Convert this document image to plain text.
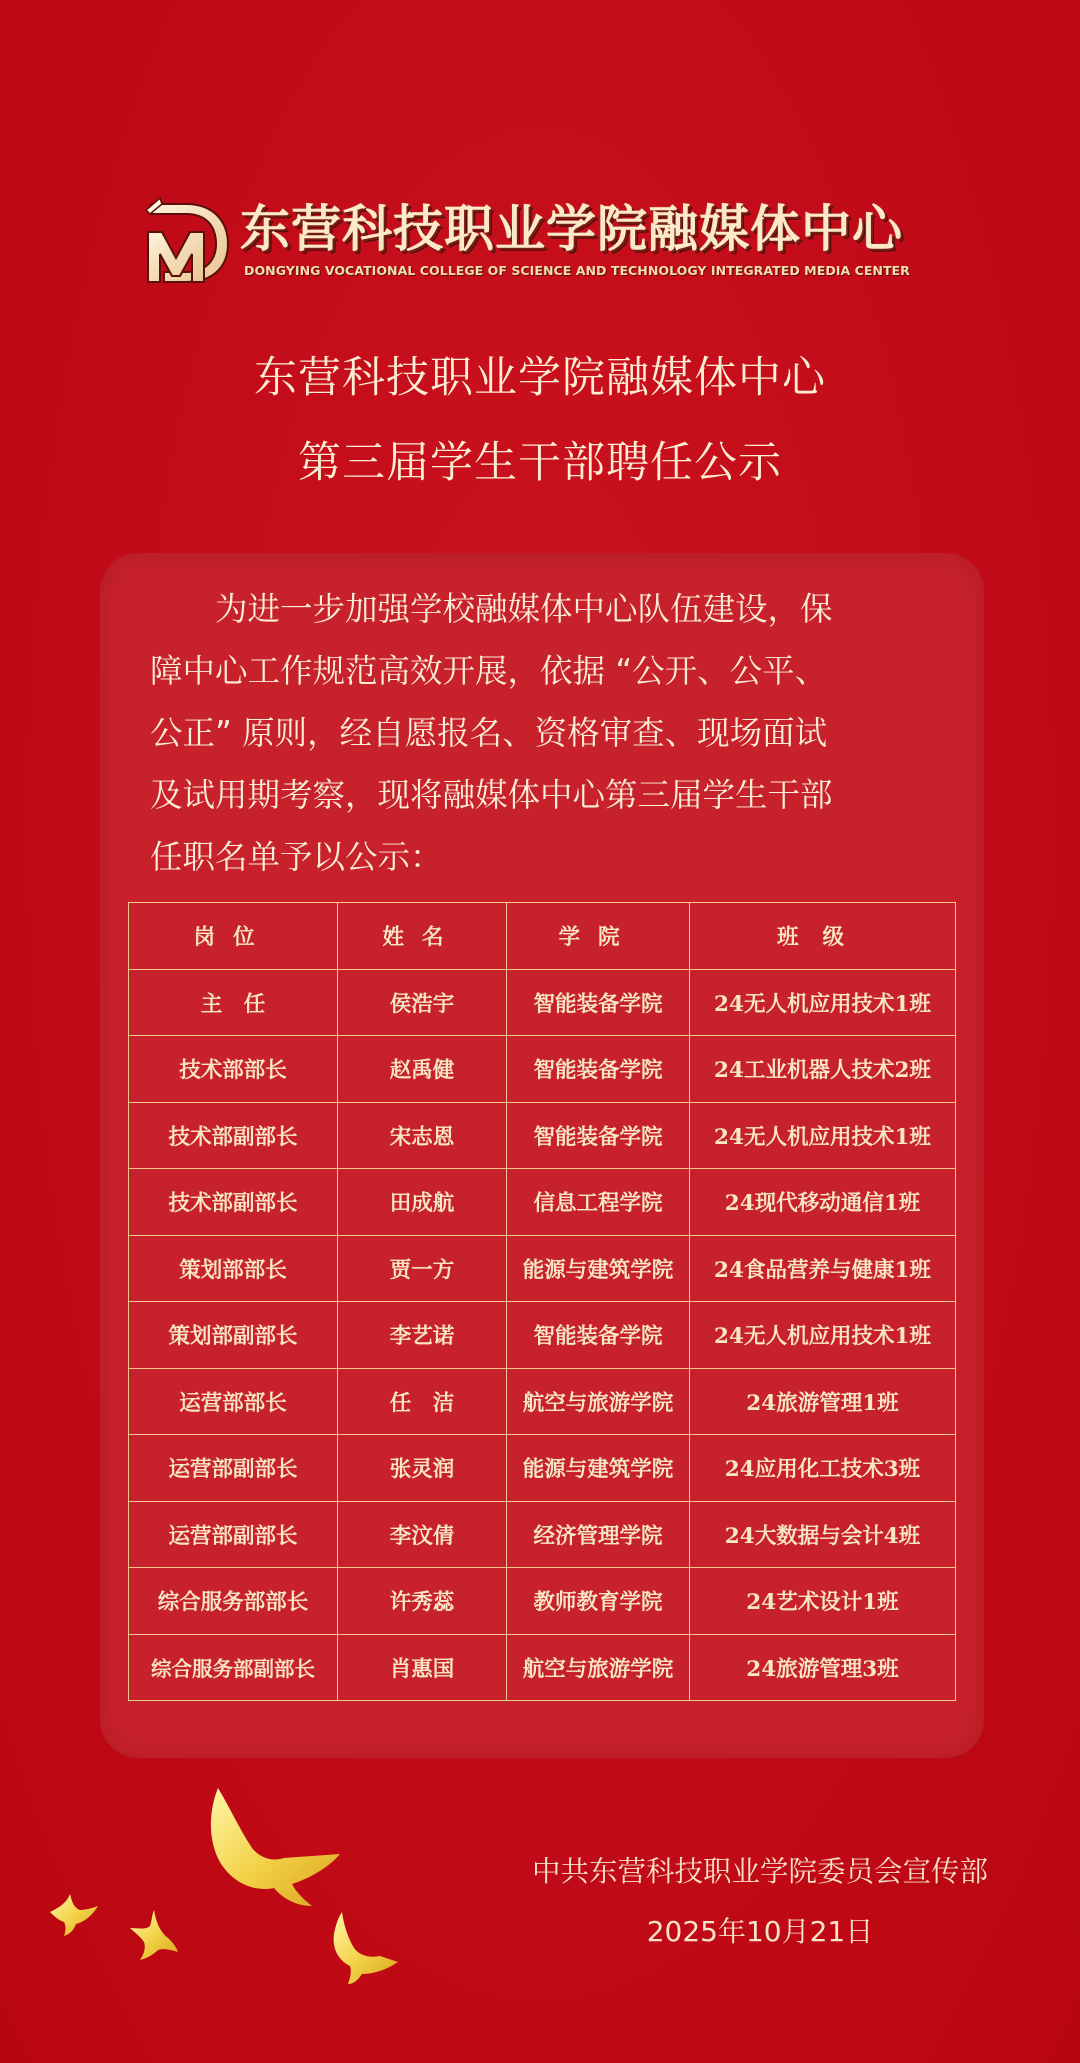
东营科技职业学院融媒体中心
DONGYING VOCATIONAL COLLEGE OF SCIENCE AND TECHNOLOGY INTEGRATED MEDIA CENTER
东营科技职业学院融媒体中心
第三届学生干部聘任公示

　　为进一步加强学校融媒体中心队伍建设，保
障中心工作规范高效开展，依据 “公开、公平、
公正” 原则，经自愿报名、资格审查、现场面试
及试用期考察，现将融媒体中心第三届学生干部
任职名单予以公示：

岗位	姓名	学院	班级
主　任	侯浩宇	智能装备学院	24无人机应用技术1班
技术部部长	赵禹健	智能装备学院	24工业机器人技术2班
技术部副部长	宋志恩	智能装备学院	24无人机应用技术1班
技术部副部长	田成航	信息工程学院	24现代移动通信1班
策划部部长	贾一方	能源与建筑学院	24食品营养与健康1班
策划部副部长	李艺诺	智能装备学院	24无人机应用技术1班
运营部部长	任　洁	航空与旅游学院	24旅游管理1班
运营部副部长	张灵润	能源与建筑学院	24应用化工技术3班
运营部副部长	李汶倩	经济管理学院	24大数据与会计4班
综合服务部部长	许秀蕊	教师教育学院	24艺术设计1班
综合服务部副部长	肖惠国	航空与旅游学院	24旅游管理3班
中共东营科技职业学院委员会宣传部
2025年10月21日
